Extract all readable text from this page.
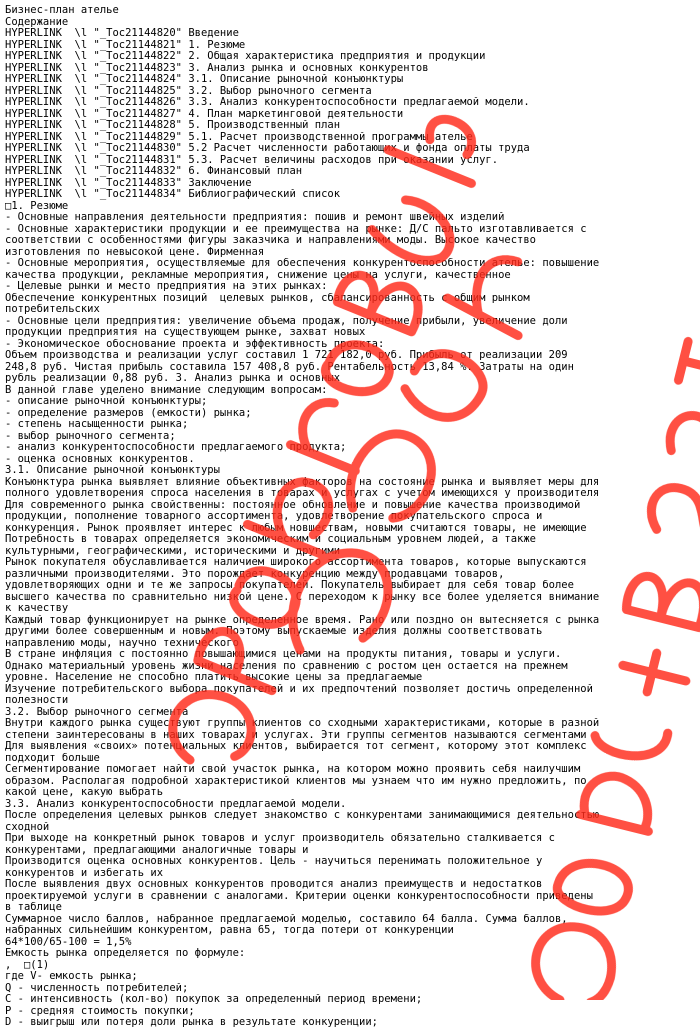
Бизнес-план ателье
Содержание
HYPERLINK  \l "_Toc21144820" Введение
HYPERLINK  \l "_Toc21144821" 1. Резюме
HYPERLINK  \l "_Toc21144822" 2. Общая характеристика предприятия и продукции
HYPERLINK  \l "_Toc21144823" 3. Анализ рынка и основных конкурентов
HYPERLINK  \l "_Toc21144824" 3.1. Описание рыночной конъюнктуры
HYPERLINK  \l "_Toc21144825" 3.2. Выбор рыночного сегмента
HYPERLINK  \l "_Toc21144826" 3.3. Анализ конкурентоспособности предлагаемой модели.
HYPERLINK  \l "_Toc21144827" 4. План маркетинговой деятельности
HYPERLINK  \l "_Toc21144828" 5. Производственный план
HYPERLINK  \l "_Toc21144829" 5.1. Расчет производственной программы ателье
HYPERLINK  \l "_Toc21144830" 5.2 Расчет численности работающих и фонда оплаты труда
HYPERLINK  \l "_Toc21144831" 5.3. Расчет величины расходов при оказании услуг.
HYPERLINK  \l "_Toc21144832" 6. Финансовый план
HYPERLINK  \l "_Toc21144833" Заключение
HYPERLINK  \l "_Toc21144834" Библиографический список
□1. Резюме
- Основные направления деятельности предприятия: пошив и ремонт швейных изделий
- Основные характеристики продукции и ее преимущества на рынке: Д/С пальто изготавливается с
соответствии с особенностями фигуры заказчика и направлениями моды. Высокое качество
изготовления по невысокой цене. Фирменная
- Основные мероприятия, осуществляемые для обеспечения конкурентоспособности ателье: повышение
качества продукции, рекламные мероприятия, снижение цены на услуги, качественное
- Целевые рынки и место предприятия на этих рынках:
Обеспечение конкурентных позиций  целевых рынков, сбалансированность с общим рынком
потребительских
- Основные цели предприятия: увеличение объема продаж, получение прибыли, увеличение доли
продукции предприятия на существующем рынке, захват новых
- Экономическое обоснование проекта и эффективность проекта:
Объем производства и реализации услуг составил 1 721 182,0 руб. Прибыль от реализации 209
248,8 руб. Чистая прибыль составила 157 408,8 руб. Рентабельность 13,84 %. Затраты на один
рубль реализации 0,88 руб. 3. Анализ рынка и основных
В данной главе уделено внимание следующим вопросам:
- описание рыночной конъюнктуры;
- определение размеров (емкости) рынка;
- степень насыщенности рынка;
- выбор рыночного сегмента;
- анализ конкурентоспособности предлагаемого продукта;
- оценка основных конкурентов.
3.1. Описание рыночной конъюнктуры
Конъюнктура рынка выявляет влияние объективных факторов на состояние рынка и выявляет меры для
полного удовлетворения спроса населения в товарах и услугах с учетом имеющихся у производителя
Для современного рынка свойственны: постоянное обновление и повышение качества производимой
продукции, пополнение товарного ассортимента, удовлетворение покупательского спроса и
конкуренция. Рынок проявляет интерес к любым новшествам, новыми считаются товары, не имеющие
Потребность в товарах определяется экономическим и социальным уровнем людей, а также
культурными, географическими, историческими и другими
Рынок покупателя обуславливается наличием широкого ассортимента товаров, которые выпускаются
различными производителями. Это порождает конкуренцию между продавцами товаров,
удовлетворяющих одни и те же запросы покупателей. Покупатель выбирает для себя товар более
высшего качества по сравнительно низкой цене. С переходом к рынку все более уделяется внимание
к качеству
Каждый товар функционирует на рынке определенное время. Рано или поздно он вытесняется с рынка
другими более совершенным и новым. Поэтому выпускаемые изделия должны соответствовать
направлению моды, научно технического
В стране инфляция с постоянно повышающимися ценами на продукты питания, товары и услуги.
Однако материальный уровень жизни населения по сравнению с ростом цен остается на прежнем
уровне. Население не способно платить высокие цены за предлагаемые
Изучение потребительского выбора покупателей и их предпочтений позволяет достичь определенной
полезности
3.2. Выбор рыночного сегмента
Внутри каждого рынка существуют группы клиентов со сходными характеристиками, которые в разной
степени заинтересованы в наших товарах и услугах. Эти группы сегментов называются сегментами
Для выявления «своих» потенциальных клиентов, выбирается тот сегмент, которому этот комплекс
подходит больше
Сегментирование помогает найти свой участок рынка, на котором можно проявить себя наилучшим
образом. Располагая подробной характеристикой клиентов мы узнаем что им нужно предложить, по
какой цене, какую выбрать
3.3. Анализ конкурентоспособности предлагаемой модели.
После определения целевых рынков следует знакомство с конкурентами занимающимися деятельностью
сходной
При выходе на конкретный рынок товаров и услуг производитель обязательно сталкивается с
конкурентами, предлагающими аналогичные товары и
Производится оценка основных конкурентов. Цель - научиться перенимать положительное у
конкурентов и избегать их
После выявления двух основных конкурентов проводится анализ преимуществ и недостатков
проектируемой услуги в сравнении с аналогами. Критерии оценки конкурентоспособности приведены
в таблице
Суммарное число баллов, набранное предлагаемой моделью, составило 64 балла. Сумма баллов,
набранных сильнейшим конкурентом, равна 65, тогда потери от конкуренции
64*100/65-100 = 1,5%
Емкость рынка определяется по формуле:
,  □(1)
где V- емкость рынка;
Q - численность потребителей;
С - интенсивность (кол-во) покупок за определенный период времени;
Р - средняя стоимость покупки;
D - выигрыш или потеря доли рынка в результате конкуренции;
